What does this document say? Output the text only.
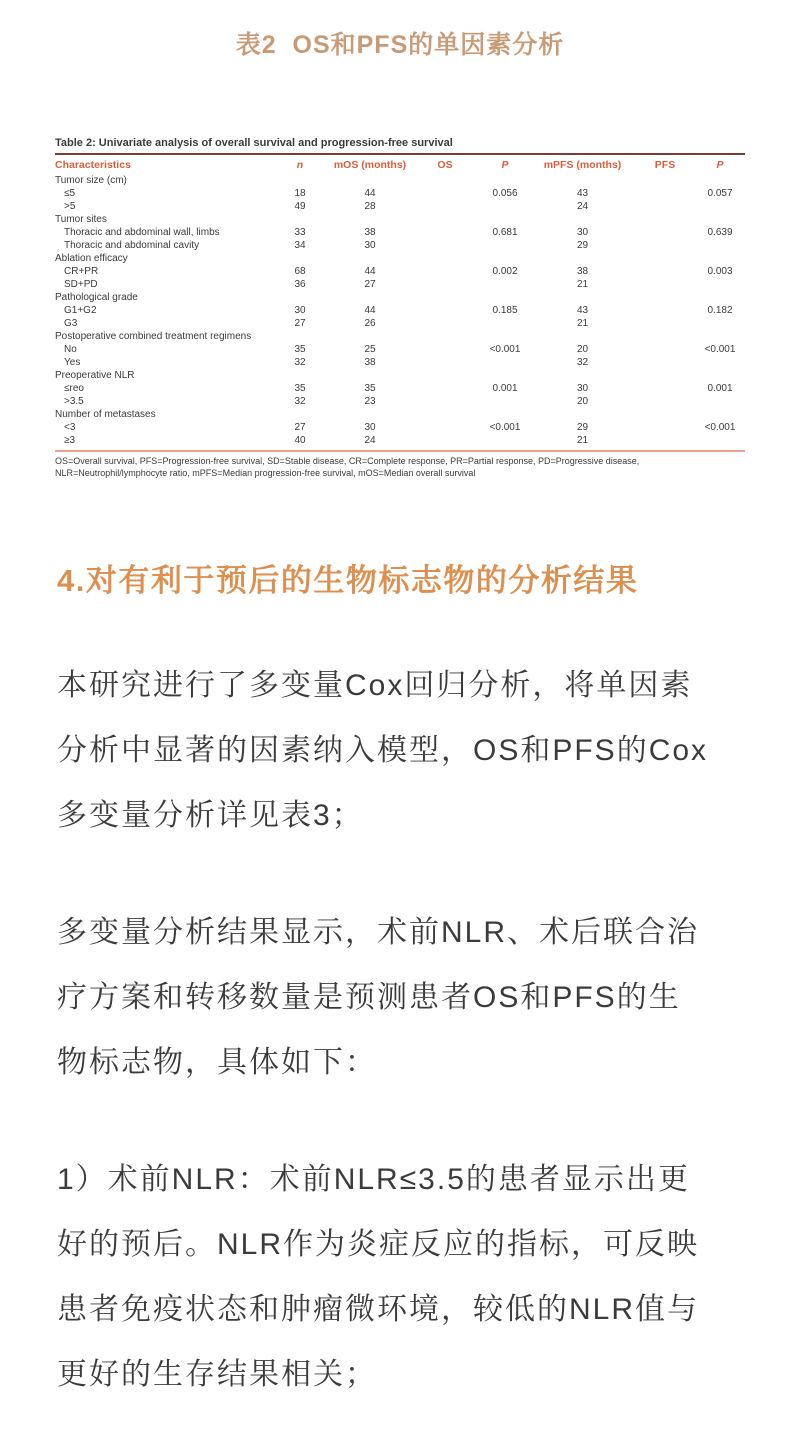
表2  OS和PFS的单因素分析
Table 2: Univariate analysis of overall survival and progression-free survival
Characteristics	n	mOS (months)	OS	P	mPFS (months)	PFS	P
Tumor size (cm)							
≤5	18	44		0.056	43		0.057
>5	49	28			24		
Tumor sites							
Thoracic and abdominal wall, limbs	33	38		0.681	30		0.639
Thoracic and abdominal cavity	34	30			29		
Ablation efficacy							
CR+PR	68	44		0.002	38		0.003
SD+PD	36	27			21		
Pathological grade							
G1+G2	30	44		0.185	43		0.182
G3	27	26			21		
Postoperative combined treatment regimens							
No	35	25		<0.001	20		<0.001
Yes	32	38			32		
Preoperative NLR							
≤reo	35	35		0.001	30		0.001
>3.5	32	23			20		
Number of metastases							
<3	27	30		<0.001	29		<0.001
≥3	40	24			21		
OS=Overall survival, PFS=Progression-free survival, SD=Stable disease, CR=Complete response, PR=Partial response, PD=Progressive disease,
NLR=Neutrophil/lymphocyte ratio, mPFS=Median progression-free survival, mOS=Median overall survival
4.对有利于预后的生物标志物的分析结果
本研究进行了多变量Cox回归分析，将单因素
分析中显著的因素纳入模型，OS和PFS的Cox
多变量分析详见表3；
多变量分析结果显示，术前NLR、术后联合治
疗方案和转移数量是预测患者OS和PFS的生
物标志物，具体如下：
1）术前NLR：术前NLR≤3.5的患者显示出更
好的预后。NLR作为炎症反应的指标，可反映
患者免疫状态和肿瘤微环境，较低的NLR值与
更好的生存结果相关；
